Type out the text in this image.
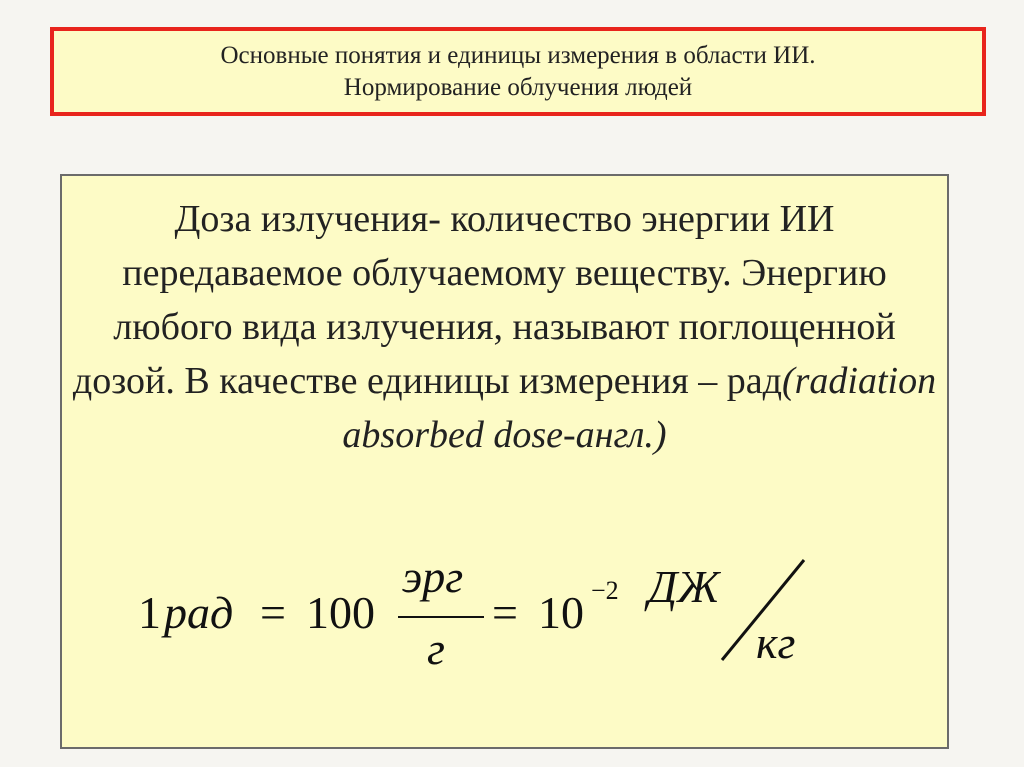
Основные понятия и единицы измерения в области ИИ.
Нормирование облучения людей
Доза излучения- количество энергии ИИ передаваемое облучаемому веществу. Энергию любого вида излучения, называют поглощенной дозой. В качестве единицы измерения – рад(radiation absorbed dose-англ.)
1 рад = 100
эрг
г
= 10 −2 ДЖ
кг
